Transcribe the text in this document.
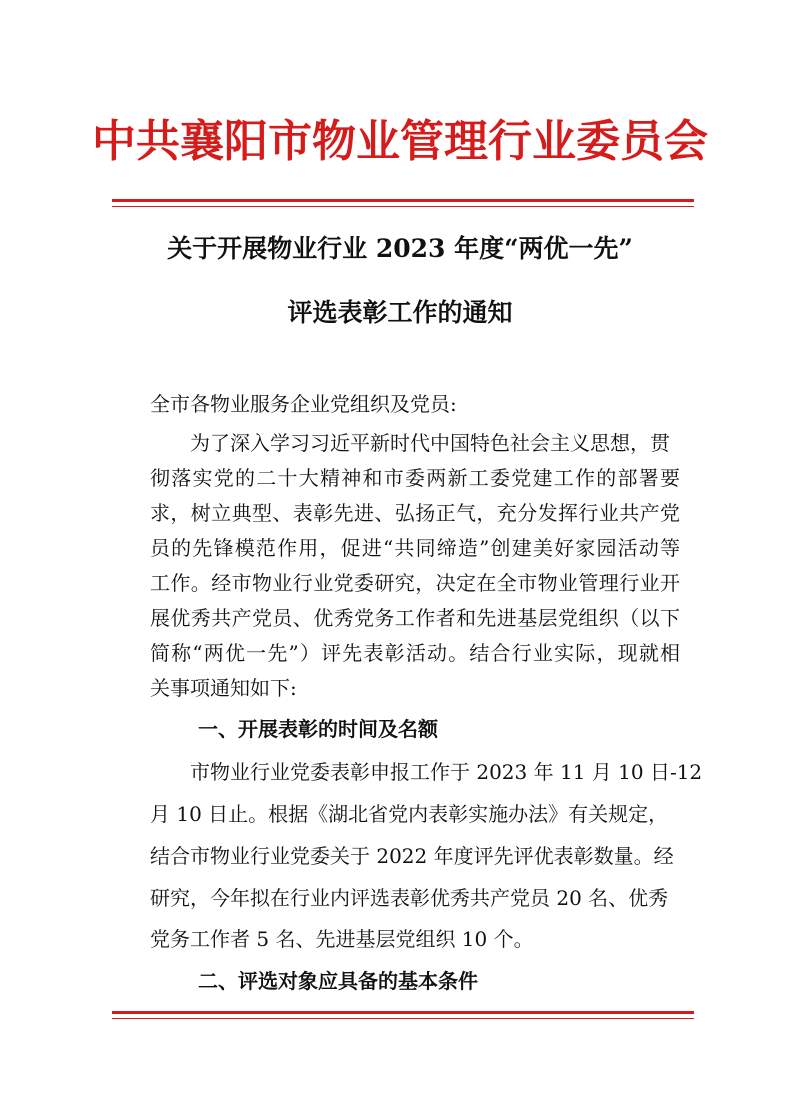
中共襄阳市物业管理行业委员会
关于开展物业行业 2023 年度“两优一先”
评选表彰工作的通知
全市各物业服务企业党组织及党员:
为了深入学习习近平新时代中国特色社会主义思想，贯
彻落实党的二十大精神和市委两新工委党建工作的部署要
求，树立典型、表彰先进、弘扬正气，充分发挥行业共产党
员的先锋模范作用，促进“共同缔造”创建美好家园活动等
工作。经市物业行业党委研究，决定在全市物业管理行业开
展优秀共产党员、优秀党务工作者和先进基层党组织（以下
简称“两优一先”）评先表彰活动。结合行业实际，现就相
关事项通知如下:
一、开展表彰的时间及名额
市物业行业党委表彰申报工作于 2023 年 11 月 10 日-12
月 10 日止。根据《湖北省党内表彰实施办法》有关规定，
结合市物业行业党委关于 2022 年度评先评优表彰数量。经
研究，今年拟在行业内评选表彰优秀共产党员 20 名、优秀
党务工作者 5 名、先进基层党组织 10 个。
二、评选对象应具备的基本条件
